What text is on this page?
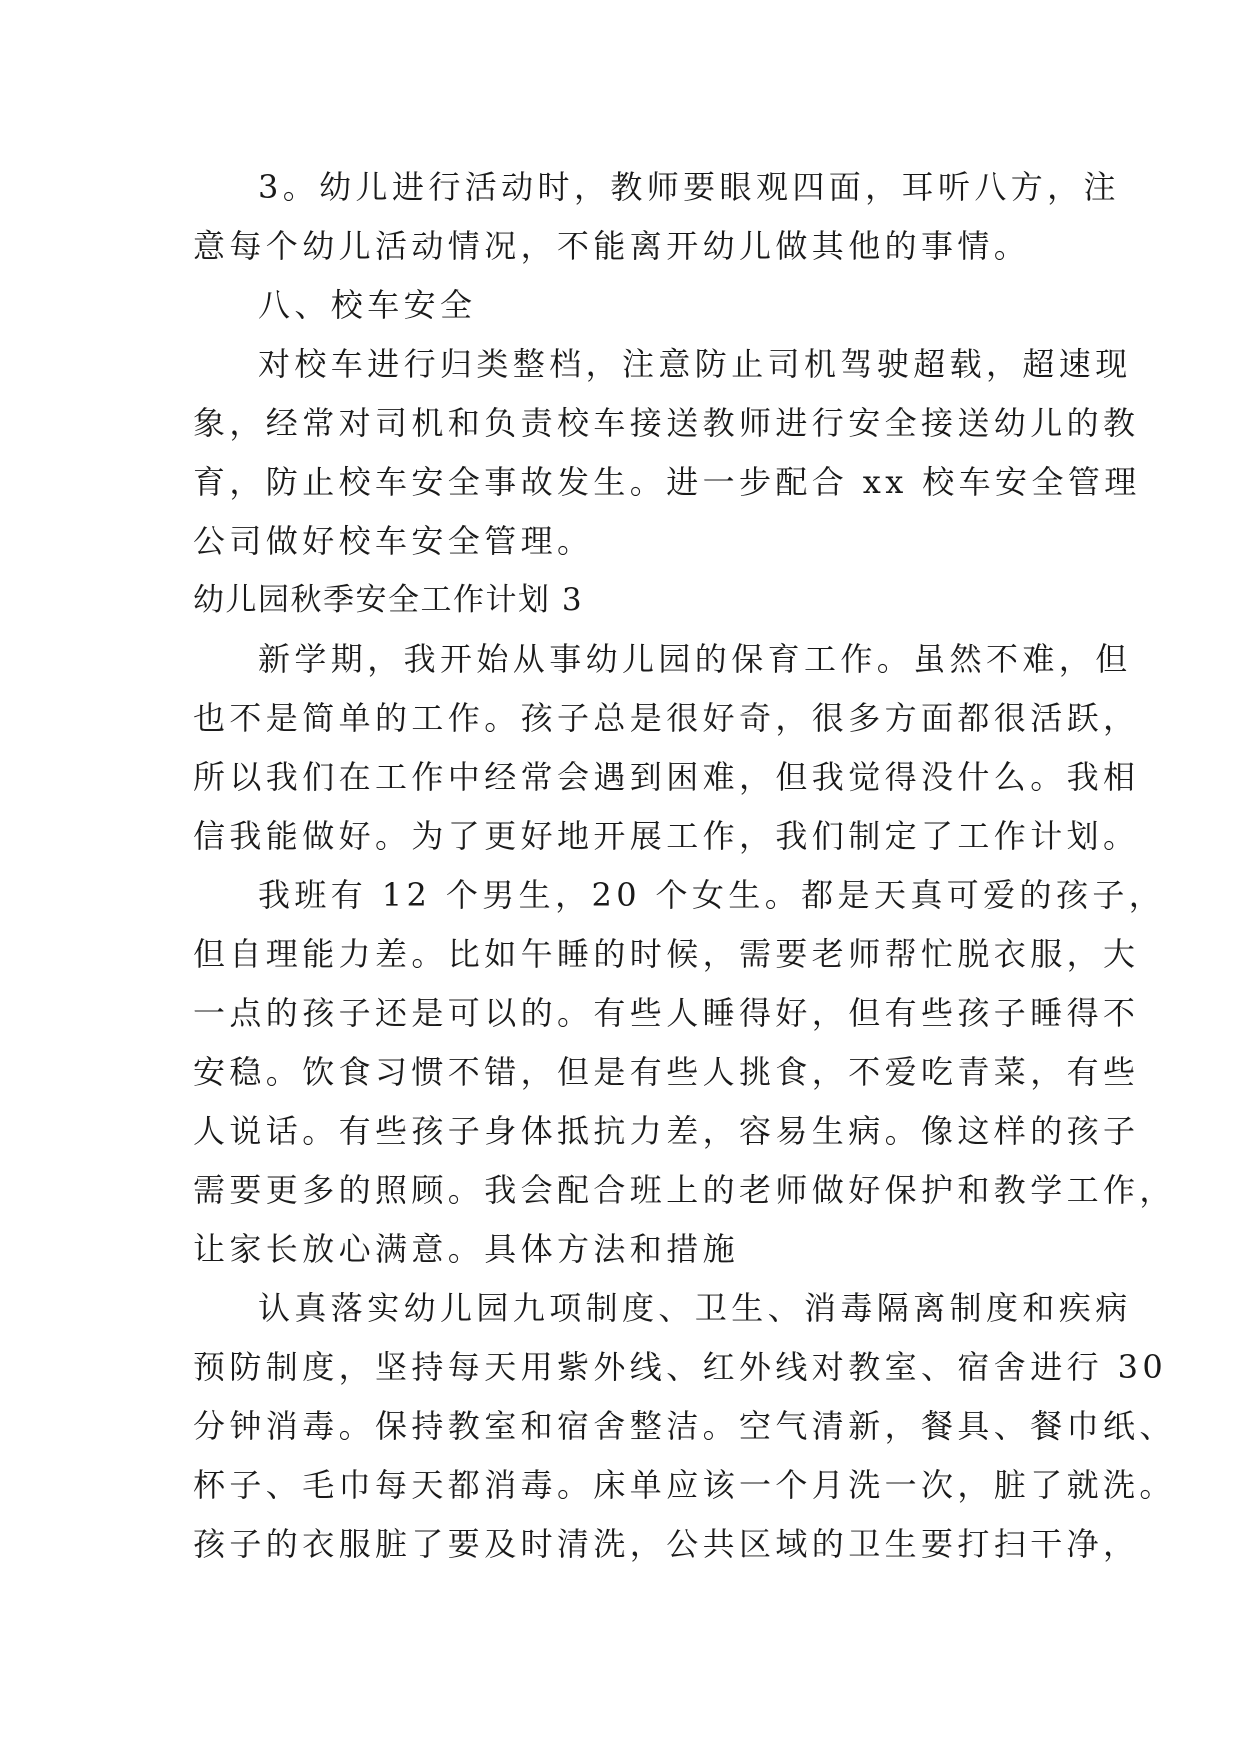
3。幼儿进行活动时，教师要眼观四面，耳听八方，注
意每个幼儿活动情况，不能离开幼儿做其他的事情。
八、校车安全
对校车进行归类整档，注意防止司机驾驶超载，超速现
象，经常对司机和负责校车接送教师进行安全接送幼儿的教
育，防止校车安全事故发生。进一步配合 xx 校车安全管理
公司做好校车安全管理。
幼儿园秋季安全工作计划 3
新学期，我开始从事幼儿园的保育工作。虽然不难，但
也不是简单的工作。孩子总是很好奇，很多方面都很活跃，
所以我们在工作中经常会遇到困难，但我觉得没什么。我相
信我能做好。为了更好地开展工作，我们制定了工作计划。
我班有 12 个男生，20 个女生。都是天真可爱的孩子，
但自理能力差。比如午睡的时候，需要老师帮忙脱衣服，大
一点的孩子还是可以的。有些人睡得好，但有些孩子睡得不
安稳。饮食习惯不错，但是有些人挑食，不爱吃青菜，有些
人说话。有些孩子身体抵抗力差，容易生病。像这样的孩子
需要更多的照顾。我会配合班上的老师做好保护和教学工作，
让家长放心满意。具体方法和措施
认真落实幼儿园九项制度、卫生、消毒隔离制度和疾病
预防制度，坚持每天用紫外线、红外线对教室、宿舍进行 30
分钟消毒。保持教室和宿舍整洁。空气清新，餐具、餐巾纸、
杯子、毛巾每天都消毒。床单应该一个月洗一次，脏了就洗。
孩子的衣服脏了要及时清洗，公共区域的卫生要打扫干净，
